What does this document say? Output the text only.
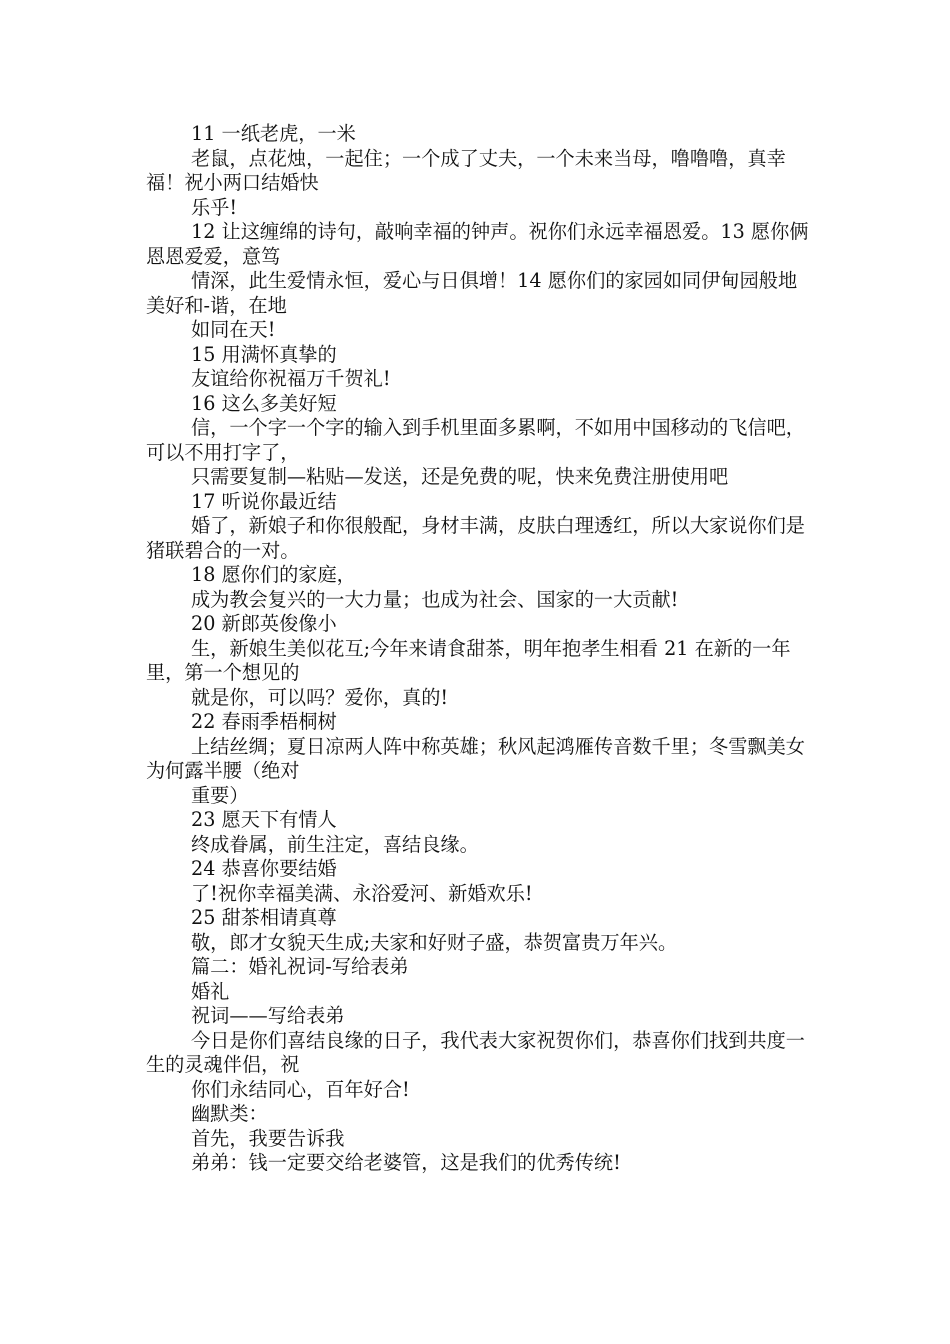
11 一纸老虎，一米

老鼠，点花烛，一起住；一个成了丈夫，一个未来当母，噜噜噜，真幸福！祝小两口结婚快

乐乎!

12 让这缠绵的诗句，敲响幸福的钟声。祝你们永远幸福恩爱。13 愿你俩恩恩爱爱，意笃

情深，此生爱情永恒，爱心与日俱增！14 愿你们的家园如同伊甸园般地美好和-谐，在地

如同在天!

15 用满怀真挚的

友谊给你祝福万千贺礼!

16 这么多美好短

信，一个字一个字的输入到手机里面多累啊，不如用中国移动的飞信吧，可以不用打字了，

只需要复制—粘贴—发送，还是免费的呢，快来免费注册使用吧

17 听说你最近结

婚了，新娘子和你很般配，身材丰满，皮肤白理透红，所以大家说你们是猪联碧合的一对。

18 愿你们的家庭，

成为教会复兴的一大力量；也成为社会、国家的一大贡献!

20 新郎英俊像小

生，新娘生美似花互;今年来请食甜茶，明年抱孝生相看 21 在新的一年里，第一个想见的

就是你，可以吗？爱你，真的!

22 春雨季梧桐树

上结丝绸；夏日凉两人阵中称英雄；秋风起鸿雁传音数千里；冬雪飘美女为何露半腰（绝对

重要）

23 愿天下有情人

终成眷属，前生注定，喜结良缘。

24 恭喜你要结婚

了!祝你幸福美满、永浴爱河、新婚欢乐!

25 甜茶相请真尊

敬，郎才女貌天生成;夫家和好财子盛，恭贺富贵万年兴。

篇二：婚礼祝词-写给表弟

婚礼

祝词——写给表弟

今日是你们喜结良缘的日子，我代表大家祝贺你们，恭喜你们找到共度一生的灵魂伴侣，祝

你们永结同心，百年好合!

幽默类：

首先，我要告诉我

弟弟：钱一定要交给老婆管，这是我们的优秀传统!
